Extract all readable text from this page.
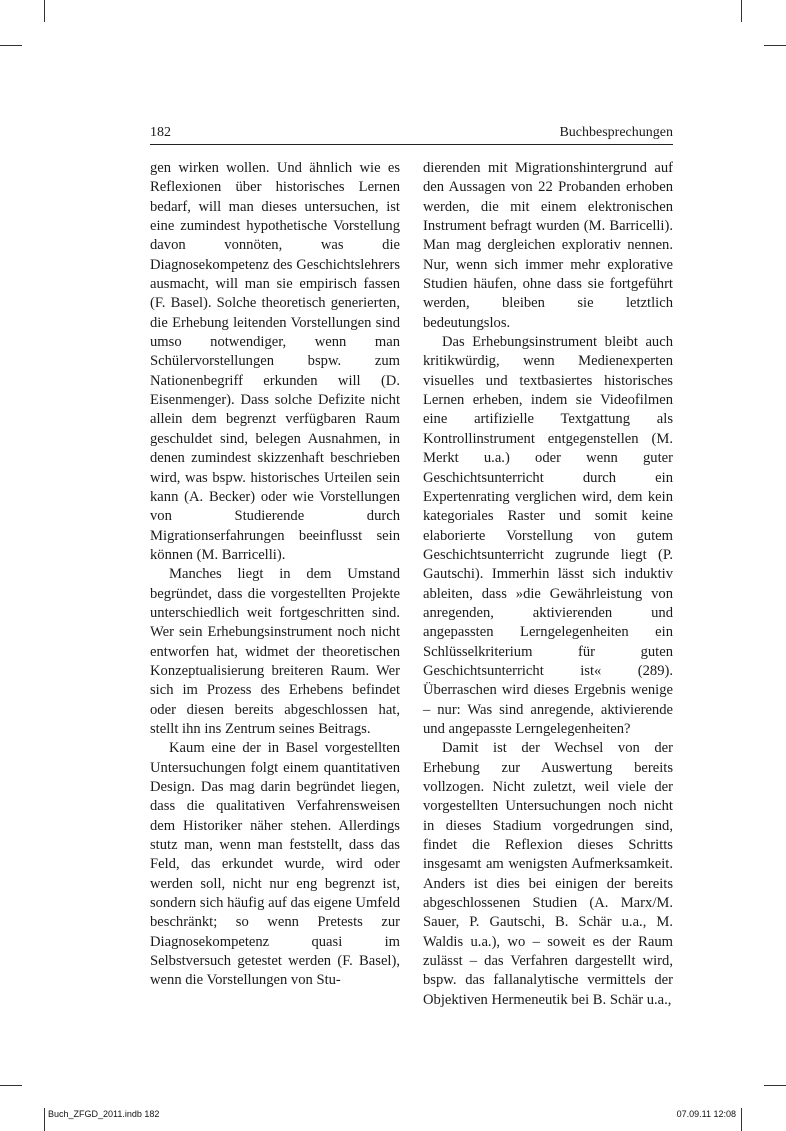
182	Buchbesprechungen

gen wirken wollen. Und ähnlich wie es Reflexionen über historisches Lernen bedarf, will man dieses untersuchen, ist eine zumindest hypothetische Vorstellung davon vonnöten, was die Diagnosekompetenz des Geschichtslehrers ausmacht, will man sie empirisch fassen (F. Basel). Solche theoretisch generierten, die Erhebung leitenden Vorstellungen sind umso notwendiger, wenn man Schülervorstellungen bspw. zum Nationenbegriff erkunden will (D. Eisenmenger). Dass solche Defizite nicht allein dem begrenzt verfügbaren Raum geschuldet sind, belegen Ausnahmen, in denen zumindest skizzenhaft beschrieben wird, was bspw. historisches Urteilen sein kann (A. Becker) oder wie Vorstellungen von Studierende durch Migrationserfahrungen beeinflusst sein können (M. Barricelli).

Manches liegt in dem Umstand begründet, dass die vorgestellten Projekte unterschiedlich weit fortgeschritten sind. Wer sein Erhebungsinstrument noch nicht entworfen hat, widmet der theoretischen Konzeptualisierung breiteren Raum. Wer sich im Prozess des Erhebens befindet oder diesen bereits abgeschlossen hat, stellt ihn ins Zentrum seines Beitrags.

Kaum eine der in Basel vorgestellten Untersuchungen folgt einem quantitativen Design. Das mag darin begründet liegen, dass die qualitativen Verfahrensweisen dem Historiker näher stehen. Allerdings stutz man, wenn man feststellt, dass das Feld, das erkundet wurde, wird oder werden soll, nicht nur eng begrenzt ist, sondern sich häufig auf das eigene Umfeld beschränkt; so wenn Pretests zur Diagnosekompetenz quasi im Selbstversuch getestet werden (F. Basel), wenn die Vorstellungen von Stu-

dierenden mit Migrationshintergrund auf den Aussagen von 22 Probanden erhoben werden, die mit einem elektronischen Instrument befragt wurden (M. Barricelli). Man mag dergleichen explorativ nennen. Nur, wenn sich immer mehr explorative Studien häufen, ohne dass sie fortgeführt werden, bleiben sie letztlich bedeutungslos.

Das Erhebungsinstrument bleibt auch kritikwürdig, wenn Medienexperten visuelles und textbasiertes historisches Lernen erheben, indem sie Videofilmen eine artifizielle Textgattung als Kontrollinstrument entgegenstellen (M. Merkt u.a.) oder wenn guter Geschichtsunterricht durch ein Expertenrating verglichen wird, dem kein kategoriales Raster und somit keine elaborierte Vorstellung von gutem Geschichtsunterricht zugrunde liegt (P. Gautschi). Immerhin lässt sich induktiv ableiten, dass »die Gewährleistung von anregenden, aktivierenden und angepassten Lerngelegenheiten ein Schlüsselkriterium für guten Geschichtsunterricht ist« (289). Überraschen wird dieses Ergebnis wenige – nur: Was sind anregende, aktivierende und angepasste Lerngelegenheiten?

Damit ist der Wechsel von der Erhebung zur Auswertung bereits vollzogen. Nicht zuletzt, weil viele der vorgestellten Untersuchungen noch nicht in dieses Stadium vorgedrungen sind, findet die Reflexion dieses Schritts insgesamt am wenigsten Aufmerksamkeit. Anders ist dies bei einigen der bereits abgeschlossenen Studien (A. Marx/M. Sauer, P. Gautschi, B. Schär u.a., M. Waldis u.a.), wo – soweit es der Raum zulässt – das Verfahren dargestellt wird, bspw. das fallanalytische vermittels der Objektiven Hermeneutik bei B. Schär u.a.,

Buch_ZFGD_2011.indb 182	07.09.11 12:08
